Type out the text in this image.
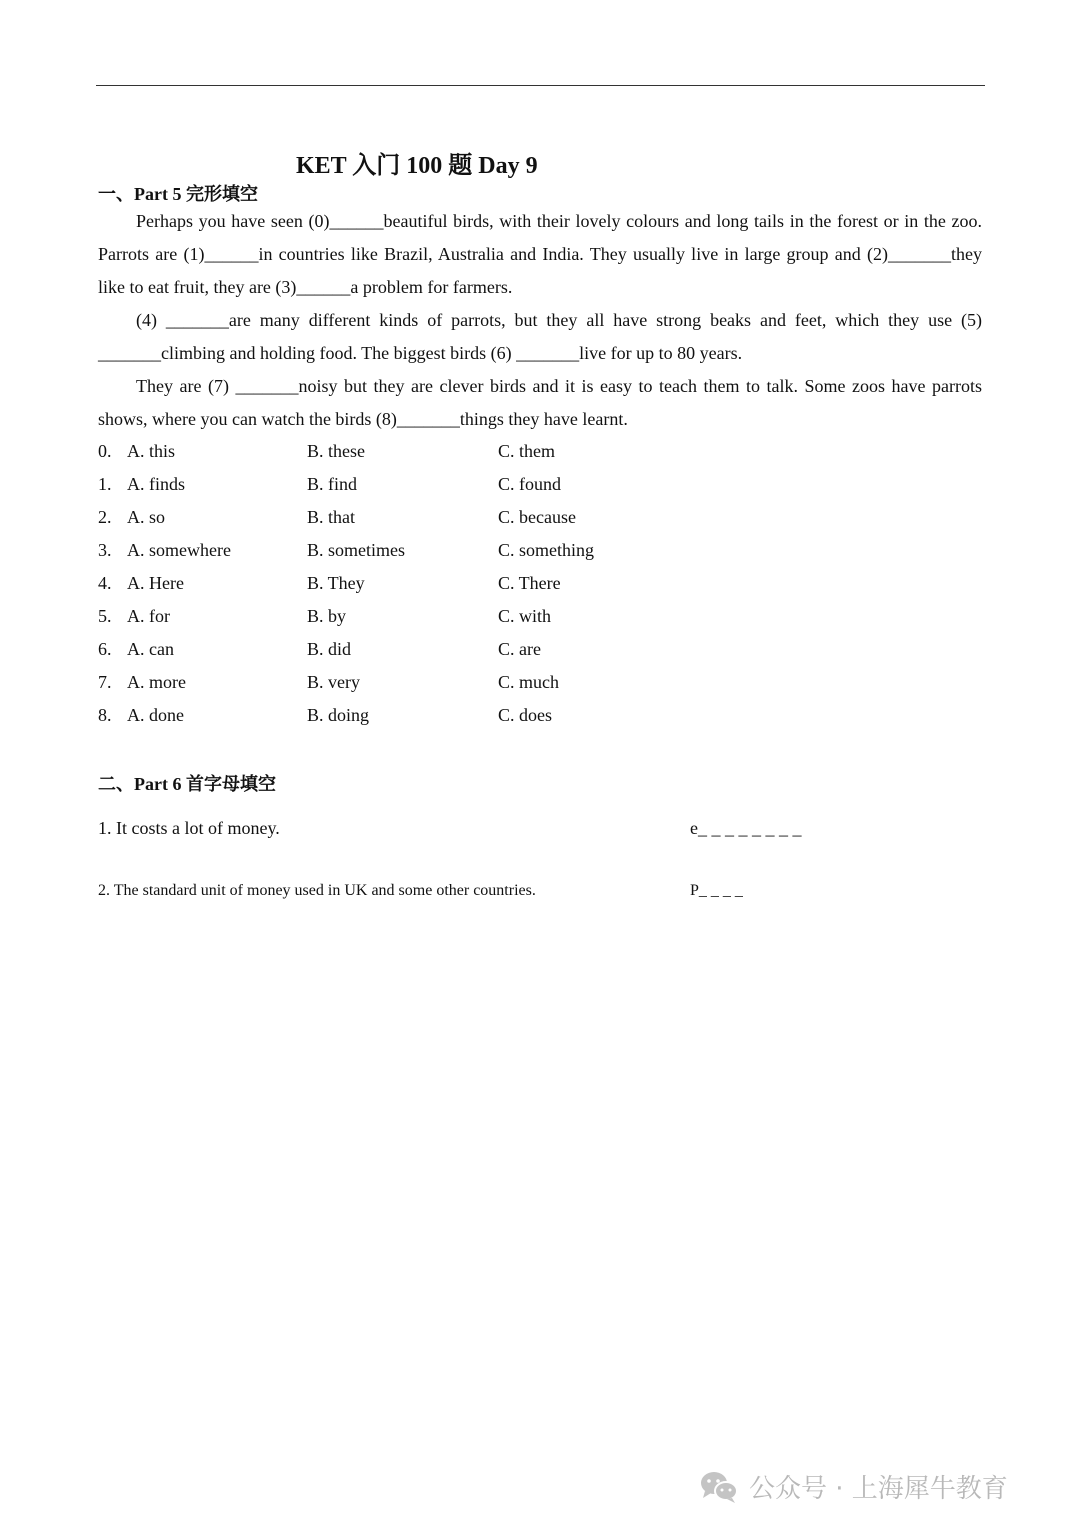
KET 入门 100 题 Day 9
一、Part 5 完形填空

Perhaps you have seen (0)______beautiful birds, with their lovely colours and long tails in the forest or in the zoo. Parrots are (1)______in countries like Brazil, Australia and India. They usually live in large group and (2)_______they like to eat fruit, they are (3)______a problem for farmers.

(4) _______are many different kinds of parrots, but they all have strong beaks and feet, which they use (5) _______climbing and holding food. The biggest birds (6) _______live for up to 80 years.

They are (7) _______noisy but they are clever birds and it is easy to teach them to talk. Some zoos have parrots shows, where you can watch the birds (8)_______things they have learnt.

0. A. this	B. these	C. them
1. A. finds	B. find	C. found
2. A. so	B. that	C. because
3. A. somewhere	B. sometimes	C. something
4. A. Here	B. They	C. There
5. A. for	B. by	C. with
6. A. can	B. did	C. are
7. A. more	B. very	C. much
8. A. done	B. doing	C. does
二、Part 6 首字母填空
1. It costs a lot of money.	e_ _ _ _ _ _ _ _
2. The standard unit of money used in UK and some other countries.	P_ _ _ _
公众号 · 上海犀牛教育
